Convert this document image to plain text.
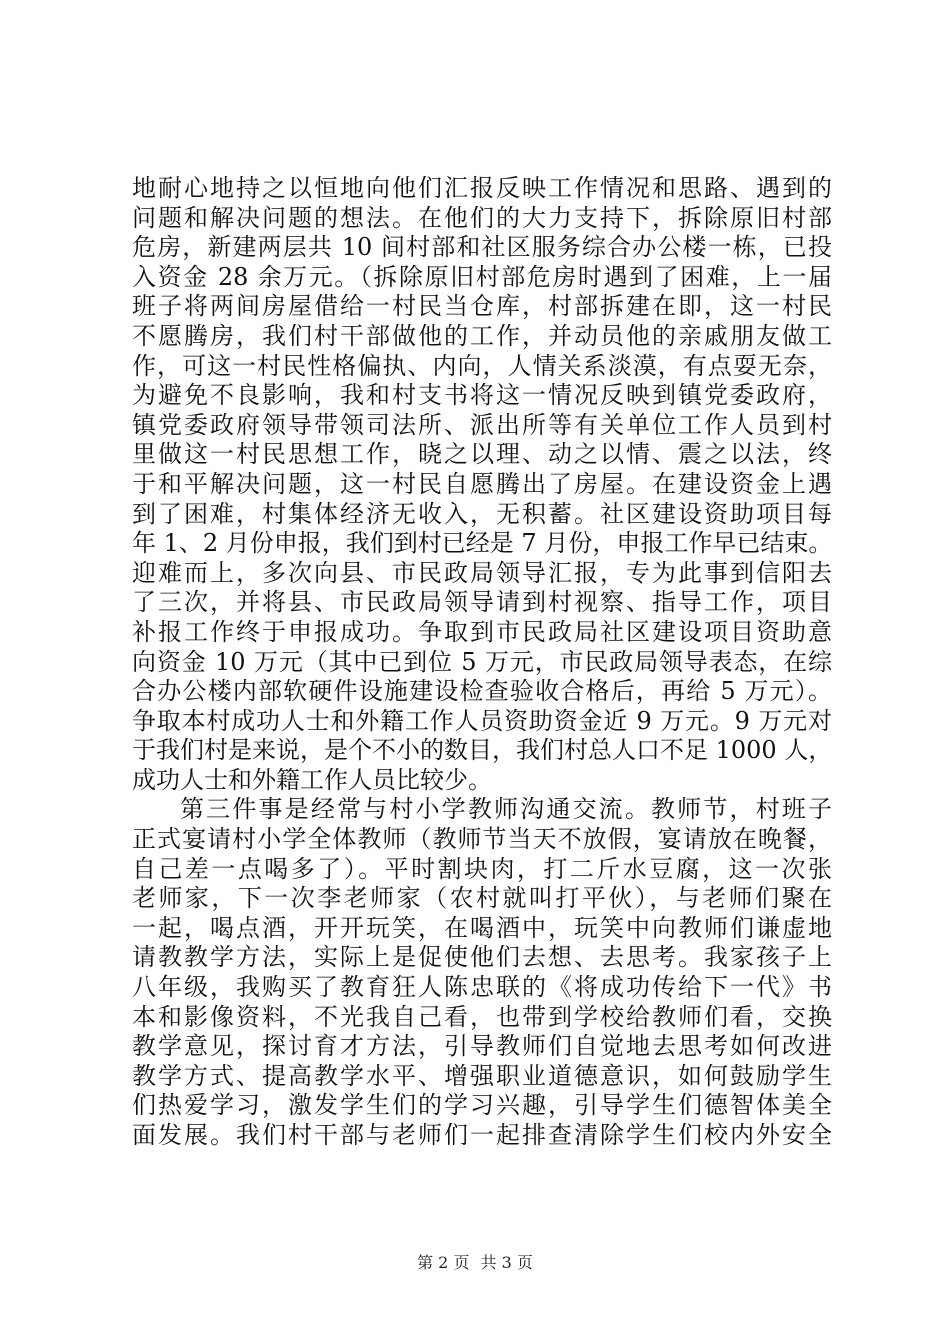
地耐心地持之以恒地向他们汇报反映工作情况和思路、遇到的
问题和解决问题的想法。在他们的大力支持下，拆除原旧村部
危房，新建两层共 10 间村部和社区服务综合办公楼一栋，已投
入资金 28 余万元。（拆除原旧村部危房时遇到了困难，上一届
班子将两间房屋借给一村民当仓库，村部拆建在即，这一村民
不愿腾房，我们村干部做他的工作，并动员他的亲戚朋友做工
作，可这一村民性格偏执、内向，人情关系淡漠，有点耍无奈，
为避免不良影响，我和村支书将这一情况反映到镇党委政府，
镇党委政府领导带领司法所、派出所等有关单位工作人员到村
里做这一村民思想工作，晓之以理、动之以情、震之以法，终
于和平解决问题，这一村民自愿腾出了房屋。在建设资金上遇
到了困难，村集体经济无收入，无积蓄。社区建设资助项目每
年 1、2 月份申报，我们到村已经是 7 月份，申报工作早已结束。
迎难而上，多次向县、市民政局领导汇报，专为此事到信阳去
了三次，并将县、市民政局领导请到村视察、指导工作，项目
补报工作终于申报成功。争取到市民政局社区建设项目资助意
向资金 10 万元（其中已到位 5 万元，市民政局领导表态，在综
合办公楼内部软硬件设施建设检查验收合格后，再给 5 万元）。
争取本村成功人士和外籍工作人员资助资金近 9 万元。9 万元对
于我们村是来说，是个不小的数目，我们村总人口不足 1000 人，
成功人士和外籍工作人员比较少。
第三件事是经常与村小学教师沟通交流。教师节，村班子
正式宴请村小学全体教师（教师节当天不放假，宴请放在晚餐，
自己差一点喝多了）。平时割块肉，打二斤水豆腐，这一次张
老师家，下一次李老师家（农村就叫打平伙），与老师们聚在
一起，喝点酒，开开玩笑，在喝酒中，玩笑中向教师们谦虚地
请教教学方法，实际上是促使他们去想、去思考。我家孩子上
八年级，我购买了教育狂人陈忠联的《将成功传给下一代》书
本和影像资料，不光我自己看，也带到学校给教师们看，交换
教学意见，探讨育才方法，引导教师们自觉地去思考如何改进
教学方式、提高教学水平、增强职业道德意识，如何鼓励学生
们热爱学习，激发学生们的学习兴趣，引导学生们德智体美全
面发展。我们村干部与老师们一起排查清除学生们校内外安全
第 2 页 共 3 页
